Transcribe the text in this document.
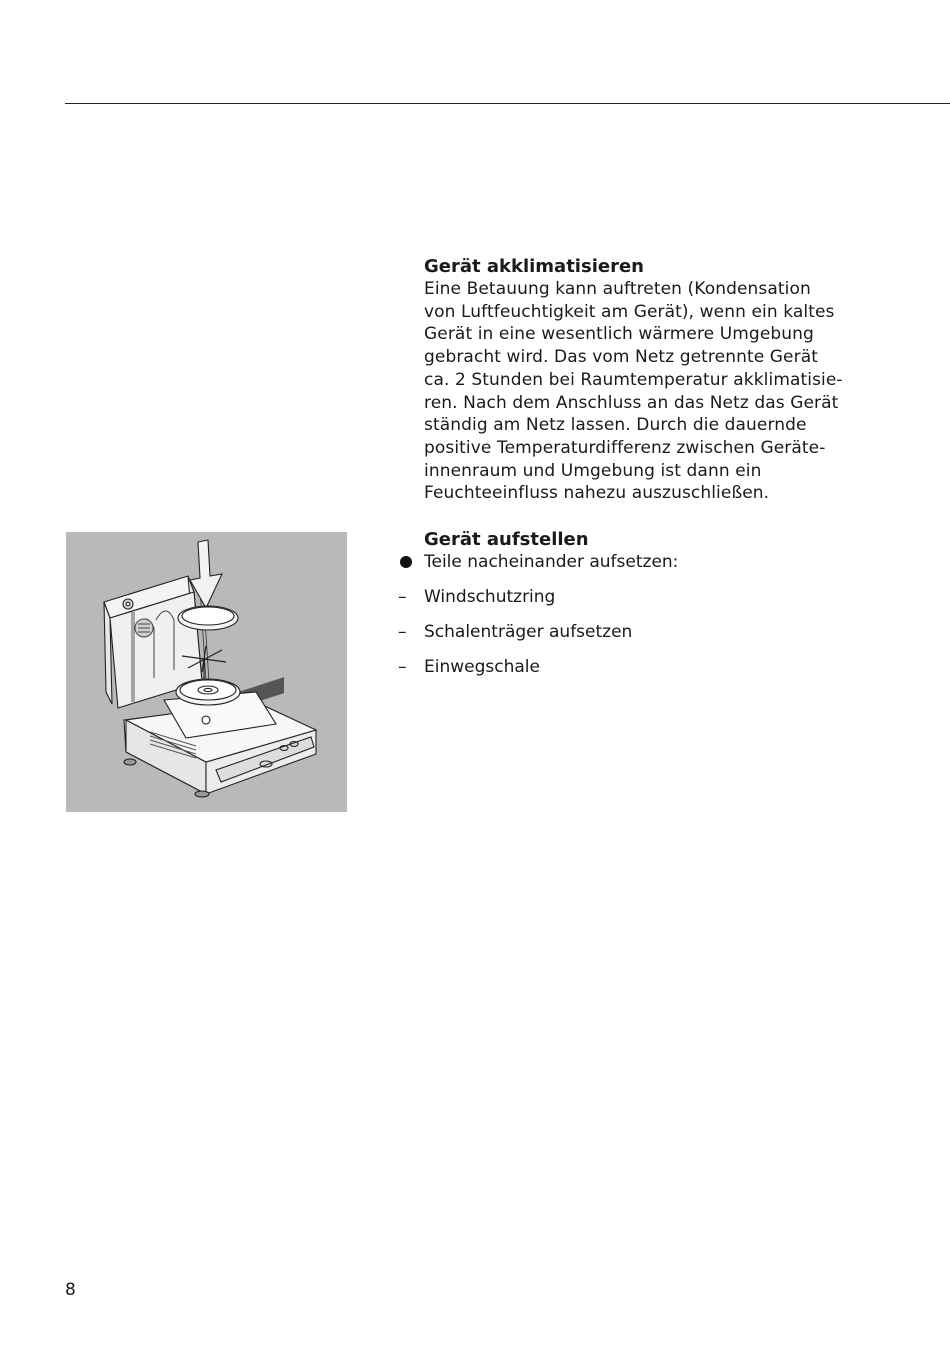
Gerät akklimatisieren

Eine Betauung kann auftreten (Kondensation
von Luftfeuchtigkeit am Gerät), wenn ein kaltes
Gerät in eine wesentlich wärmere Umgebung
gebracht wird. Das vom Netz getrennte Gerät
ca. 2 Stunden bei Raumtemperatur akklimatisie-
ren. Nach dem Anschluss an das Netz das Gerät
ständig am Netz lassen. Durch die dauernde
positive Temperaturdifferenz zwischen Geräte-
innenraum und Umgebung ist dann ein
Feuchteeinfluss nahezu auszuschließen.

Gerät aufstellen
Teile nacheinander aufsetzen:
– Windschutzring
– Schalenträger aufsetzen
– Einwegschale
8
